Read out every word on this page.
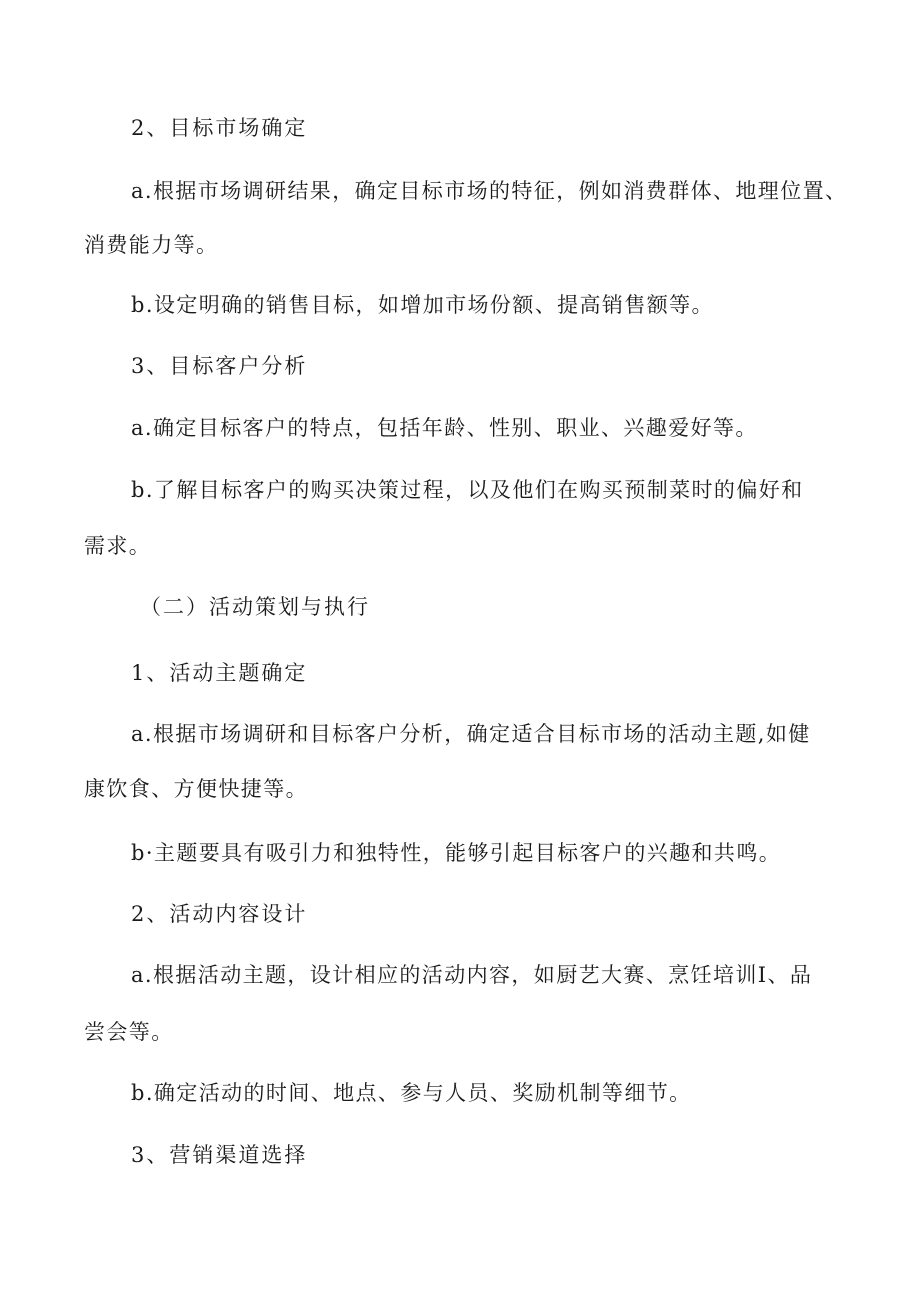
2、目标市场确定

a.根据市场调研结果，确定目标市场的特征，例如消费群体、地理位置、

消费能力等。

b.设定明确的销售目标，如增加市场份额、提高销售额等。

3、目标客户分析

a.确定目标客户的特点，包括年龄、性别、职业、兴趣爱好等。

b.了解目标客户的购买决策过程，以及他们在购买预制菜时的偏好和

需求。

（二）活动策划与执行

1、活动主题确定

a.根据市场调研和目标客户分析，确定适合目标市场的活动主题,如健

康饮食、方便快捷等。

b·主题要具有吸引力和独特性，能够引起目标客户的兴趣和共鸣。

2、活动内容设计

a.根据活动主题，设计相应的活动内容，如厨艺大赛、烹饪培训I、品

尝会等。

b.确定活动的时间、地点、参与人员、奖励机制等细节。

3、营销渠道选择
